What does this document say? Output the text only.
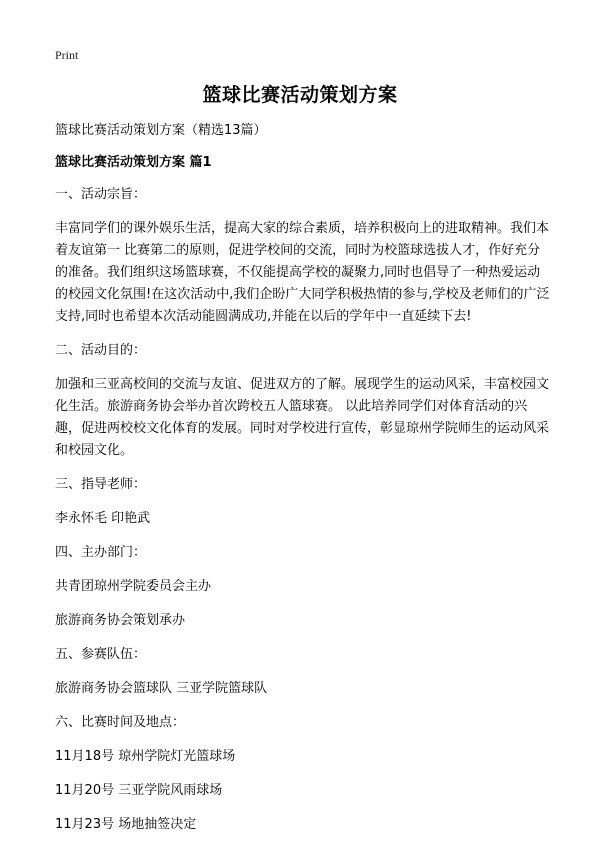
Print
篮球比赛活动策划方案

篮球比赛活动策划方案（精选13篇）

篮球比赛活动策划方案 篇1

一、活动宗旨：

丰富同学们的课外娱乐生活，提高大家的综合素质，培养积极向上的进取精神。我们本着友谊第一 比赛第二的原则，促进学校间的交流，同时为校篮球选拔人才，作好充分的准备。我们组织这场篮球赛，不仅能提高学校的凝聚力,同时也倡导了一种热爱运动的校园文化氛围!在这次活动中,我们企盼广大同学积极热情的参与,学校及老师们的广泛支持,同时也希望本次活动能圆满成功,并能在以后的学年中一直延续下去!

二、活动目的：

加强和三亚高校间的交流与友谊、促进双方的了解。展现学生的运动风采，丰富校园文化生活。旅游商务协会举办首次跨校五人篮球赛。 以此培养同学们对体育活动的兴趣，促进两校校文化体育的发展。同时对学校进行宣传，彰显琼州学院师生的运动风采和校园文化。

三、指导老师：

李永怀毛 印艳武

四、主办部门：

共青团琼州学院委员会主办

旅游商务协会策划承办

五、参赛队伍：

旅游商务协会篮球队 三亚学院篮球队

六、比赛时间及地点：

11月18号 琼州学院灯光篮球场

11月20号 三亚学院风雨球场

11月23号 场地抽签决定
